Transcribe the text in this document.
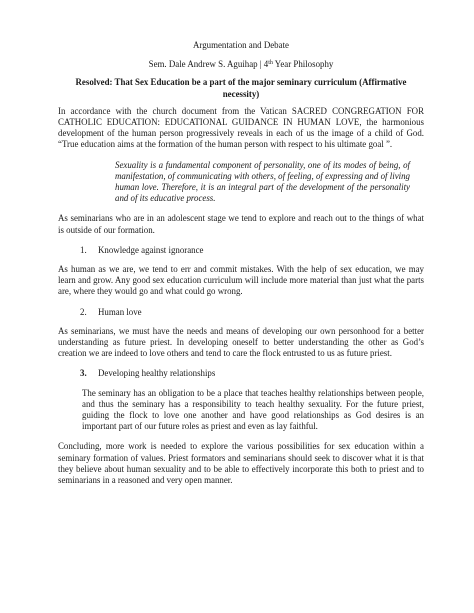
Argumentation and Debate
Sem. Dale Andrew S. Aguihap | 4th Year Philosophy
Resolved: That Sex Education be a part of the major seminary curriculum (Affirmative necessity)

In accordance with the church document from the Vatican SACRED CONGREGATION FOR CATHOLIC EDUCATION: EDUCATIONAL GUIDANCE IN HUMAN LOVE, the harmonious development of the human person progressively reveals in each of us the image of a child of God. “True education aims at the formation of the human person with respect to his ultimate goal ”.

Sexuality is a fundamental component of personality, one of its modes of being, of manifestation, of communicating with others, of feeling, of expressing and of living human love. Therefore, it is an integral part of the development of the personality and of its educative process.

As seminarians who are in an adolescent stage we tend to explore and reach out to the things of what is outside of our formation.

1.	Knowledge against ignorance

As human as we are, we tend to err and commit mistakes. With the help of sex education, we may learn and grow. Any good sex education curriculum will include more material than just what the parts are, where they would go and what could go wrong.

2.	Human love

As seminarians, we must have the needs and means of developing our own personhood for a better understanding as future priest. In developing oneself to better understanding the other as God’s creation we are indeed to love others and tend to care the flock entrusted to us as future priest.

3.	Developing healthy relationships

The seminary has an obligation to be a place that teaches healthy relationships between people, and thus the seminary has a responsibility to teach healthy sexuality. For the future priest, guiding the flock to love one another and have good relationships as God desires is an important part of our future roles as priest and even as lay faithful.

Concluding, more work is needed to explore the various possibilities for sex education within a seminary formation of values. Priest formators and seminarians should seek to discover what it is that they believe about human sexuality and to be able to effectively incorporate this both to priest and to seminarians in a reasoned and very open manner.
